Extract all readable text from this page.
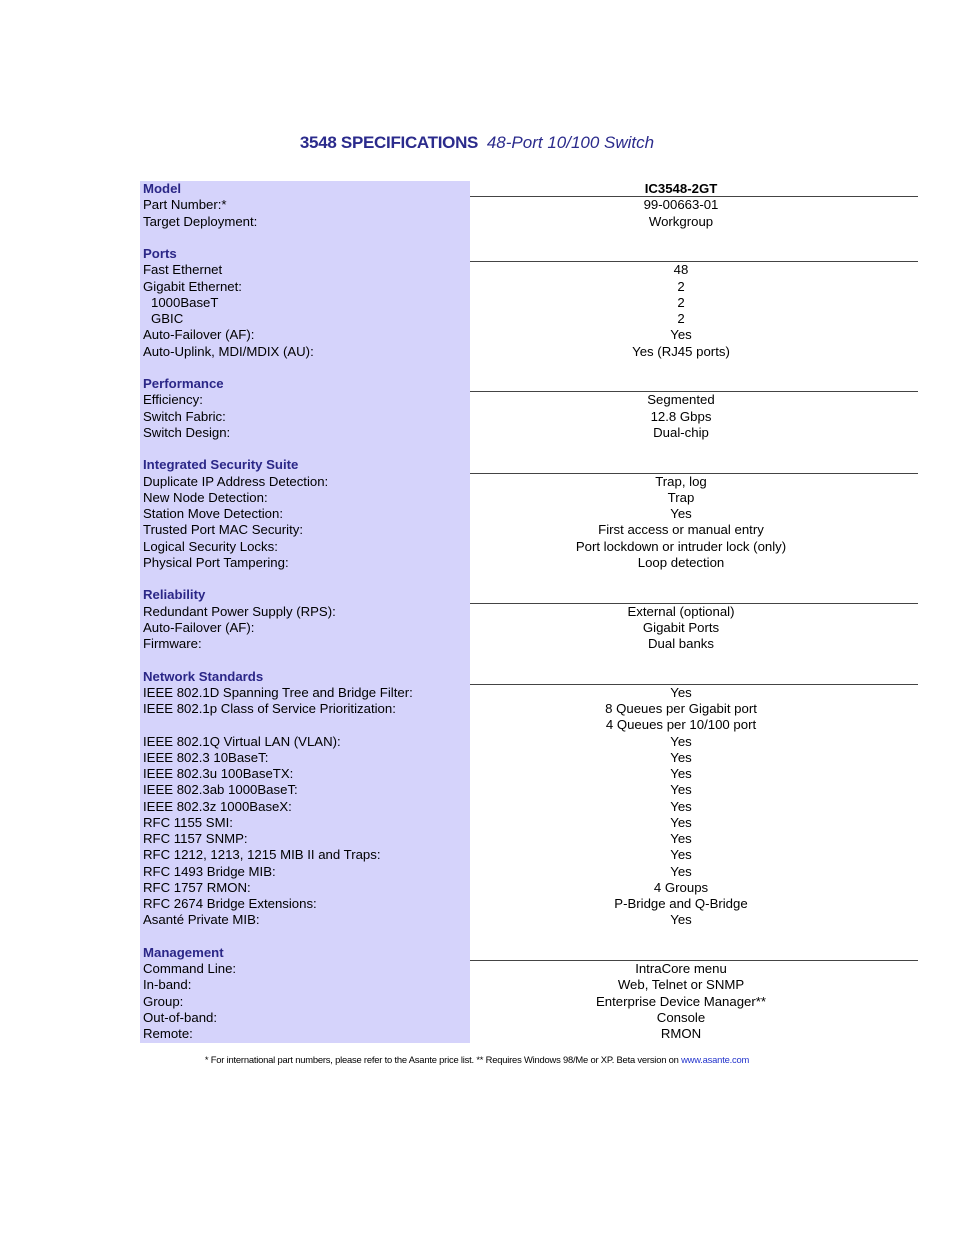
3548 SPECIFICATIONS 48-Port 10/100 Switch
Model	IC3548-2GT
Part Number:*	99-00663-01
Target Deployment:	Workgroup
Ports
Fast Ethernet	48
Gigabit Ethernet:	2
1000BaseT	2
GBIC	2
Auto-Failover (AF):	Yes
Auto-Uplink, MDI/MDIX (AU):	Yes (RJ45 ports)
Performance
Efficiency:	Segmented
Switch Fabric:	12.8 Gbps
Switch Design:	Dual-chip
Integrated Security Suite
Duplicate IP Address Detection:	Trap, log
New Node Detection:	Trap
Station Move Detection:	Yes
Trusted Port MAC Security:	First access or manual entry
Logical Security Locks:	Port lockdown or intruder lock (only)
Physical Port Tampering:	Loop detection
Reliability
Redundant Power Supply (RPS):	External (optional)
Auto-Failover (AF):	Gigabit Ports
Firmware:	Dual banks
Network Standards
IEEE 802.1D Spanning Tree and Bridge Filter:	Yes
IEEE 802.1p Class of Service Prioritization:	8 Queues per Gigabit port
4 Queues per 10/100 port
IEEE 802.1Q Virtual LAN (VLAN):	Yes
IEEE 802.3 10BaseT:	Yes
IEEE 802.3u 100BaseTX:	Yes
IEEE 802.3ab 1000BaseT:	Yes
IEEE 802.3z 1000BaseX:	Yes
RFC 1155 SMI:	Yes
RFC 1157 SNMP:	Yes
RFC 1212, 1213, 1215 MIB II and Traps:	Yes
RFC 1493 Bridge MIB:	Yes
RFC 1757 RMON:	4 Groups
RFC 2674 Bridge Extensions:	P-Bridge and Q-Bridge
Asanté Private MIB:	Yes
Management
Command Line:	IntraCore menu
In-band:	Web, Telnet or SNMP
Group:	Enterprise Device Manager**
Out-of-band:	Console
Remote:	RMON
* For international part numbers, please refer to the Asante price list. ** Requires Windows 98/Me or XP. Beta version on www.asante.com
